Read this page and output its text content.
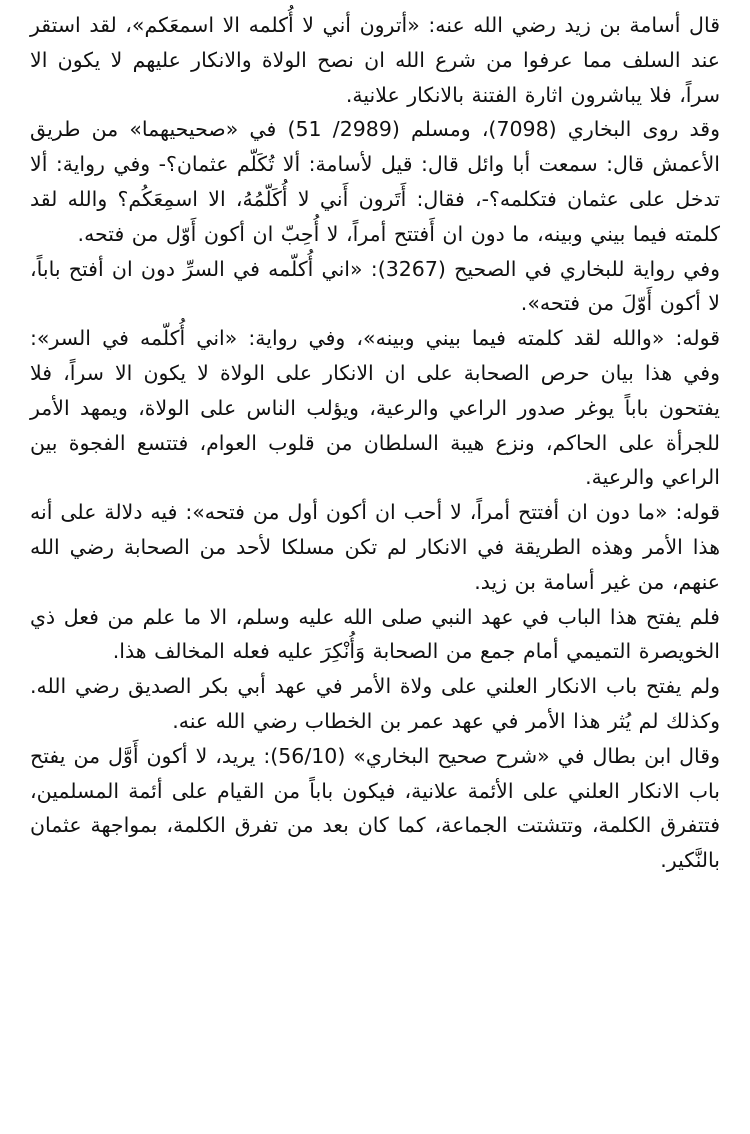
قال أسامة بن زيد رضي الله عنه: «أترون أني لا أُكلمه الا اسمعَكم»، لقد استقر عند السلف مما عرفوا من شرع الله ان نصح الولاة والانكار عليهم لا يكون الا سراً، فلا يباشرون اثارة الفتنة بالانكار علانية.

وقد روى البخاري (7098)، ومسلم (2989/ 51) في «صحيحيهما» من طريق الأعمش قال: سمعت أبا وائل قال: قيل لأسامة: ألا تُكَلّم عثمان؟- وفي رواية: ألا تدخل على عثمان فتكلمه؟-، فقال: أَتَرون أَني لا أُكَلّمُهُ، الا اسمِعَكُم؟ والله لقد كلمته فيما بيني وبينه، ما دون ان أَفتتح أمراً، لا أُحِبّ ان أكون أَوّل من فتحه.

وفي رواية للبخاري في الصحيح (3267): «اني أُكلّمه في السرِّ دون ان أفتح باباً، لا أكون أَوّلَ من فتحه».

قوله: «والله لقد كلمته فيما بيني وبينه»، وفي رواية: «اني أُكلّمه في السر»: وفي هذا بيان حرص الصحابة على ان الانكار على الولاة لا يكون الا سراً، فلا يفتحون باباً يوغر صدور الراعي والرعية، ويؤلب الناس على الولاة، ويمهد الأمر للجرأة على الحاكم، ونزع هيبة السلطان من قلوب العوام، فتتسع الفجوة بين الراعي والرعية.

قوله: «ما دون ان أفتتح أمراً، لا أحب ان أكون أول من فتحه»: فيه دلالة على أنه هذا الأمر وهذه الطريقة في الانكار لم تكن مسلكا لأحد من الصحابة رضي الله عنهم، من غير أسامة بن زيد.

فلم يفتح هذا الباب في عهد النبي صلى الله عليه وسلم، الا ما علم من فعل ذي الخويصرة التميمي أمام جمع من الصحابة وَأُنْكِرَ عليه فعله المخالف هذا.

ولم يفتح باب الانكار العلني على ولاة الأمر في عهد أبي بكر الصديق رضي الله. وكذلك لم يُثر هذا الأمر في عهد عمر بن الخطاب رضي الله عنه.

وقال ابن بطال في «شرح صحيح البخاري» (56/10): يريد، لا أكون أَوَّل من يفتح باب الانكار العلني على الأئمة علانية، فيكون باباً من القيام على أئمة المسلمين، فتتفرق الكلمة، وتتشتت الجماعة، كما كان بعد من تفرق الكلمة، بمواجهة عثمان بالنَّكير.
